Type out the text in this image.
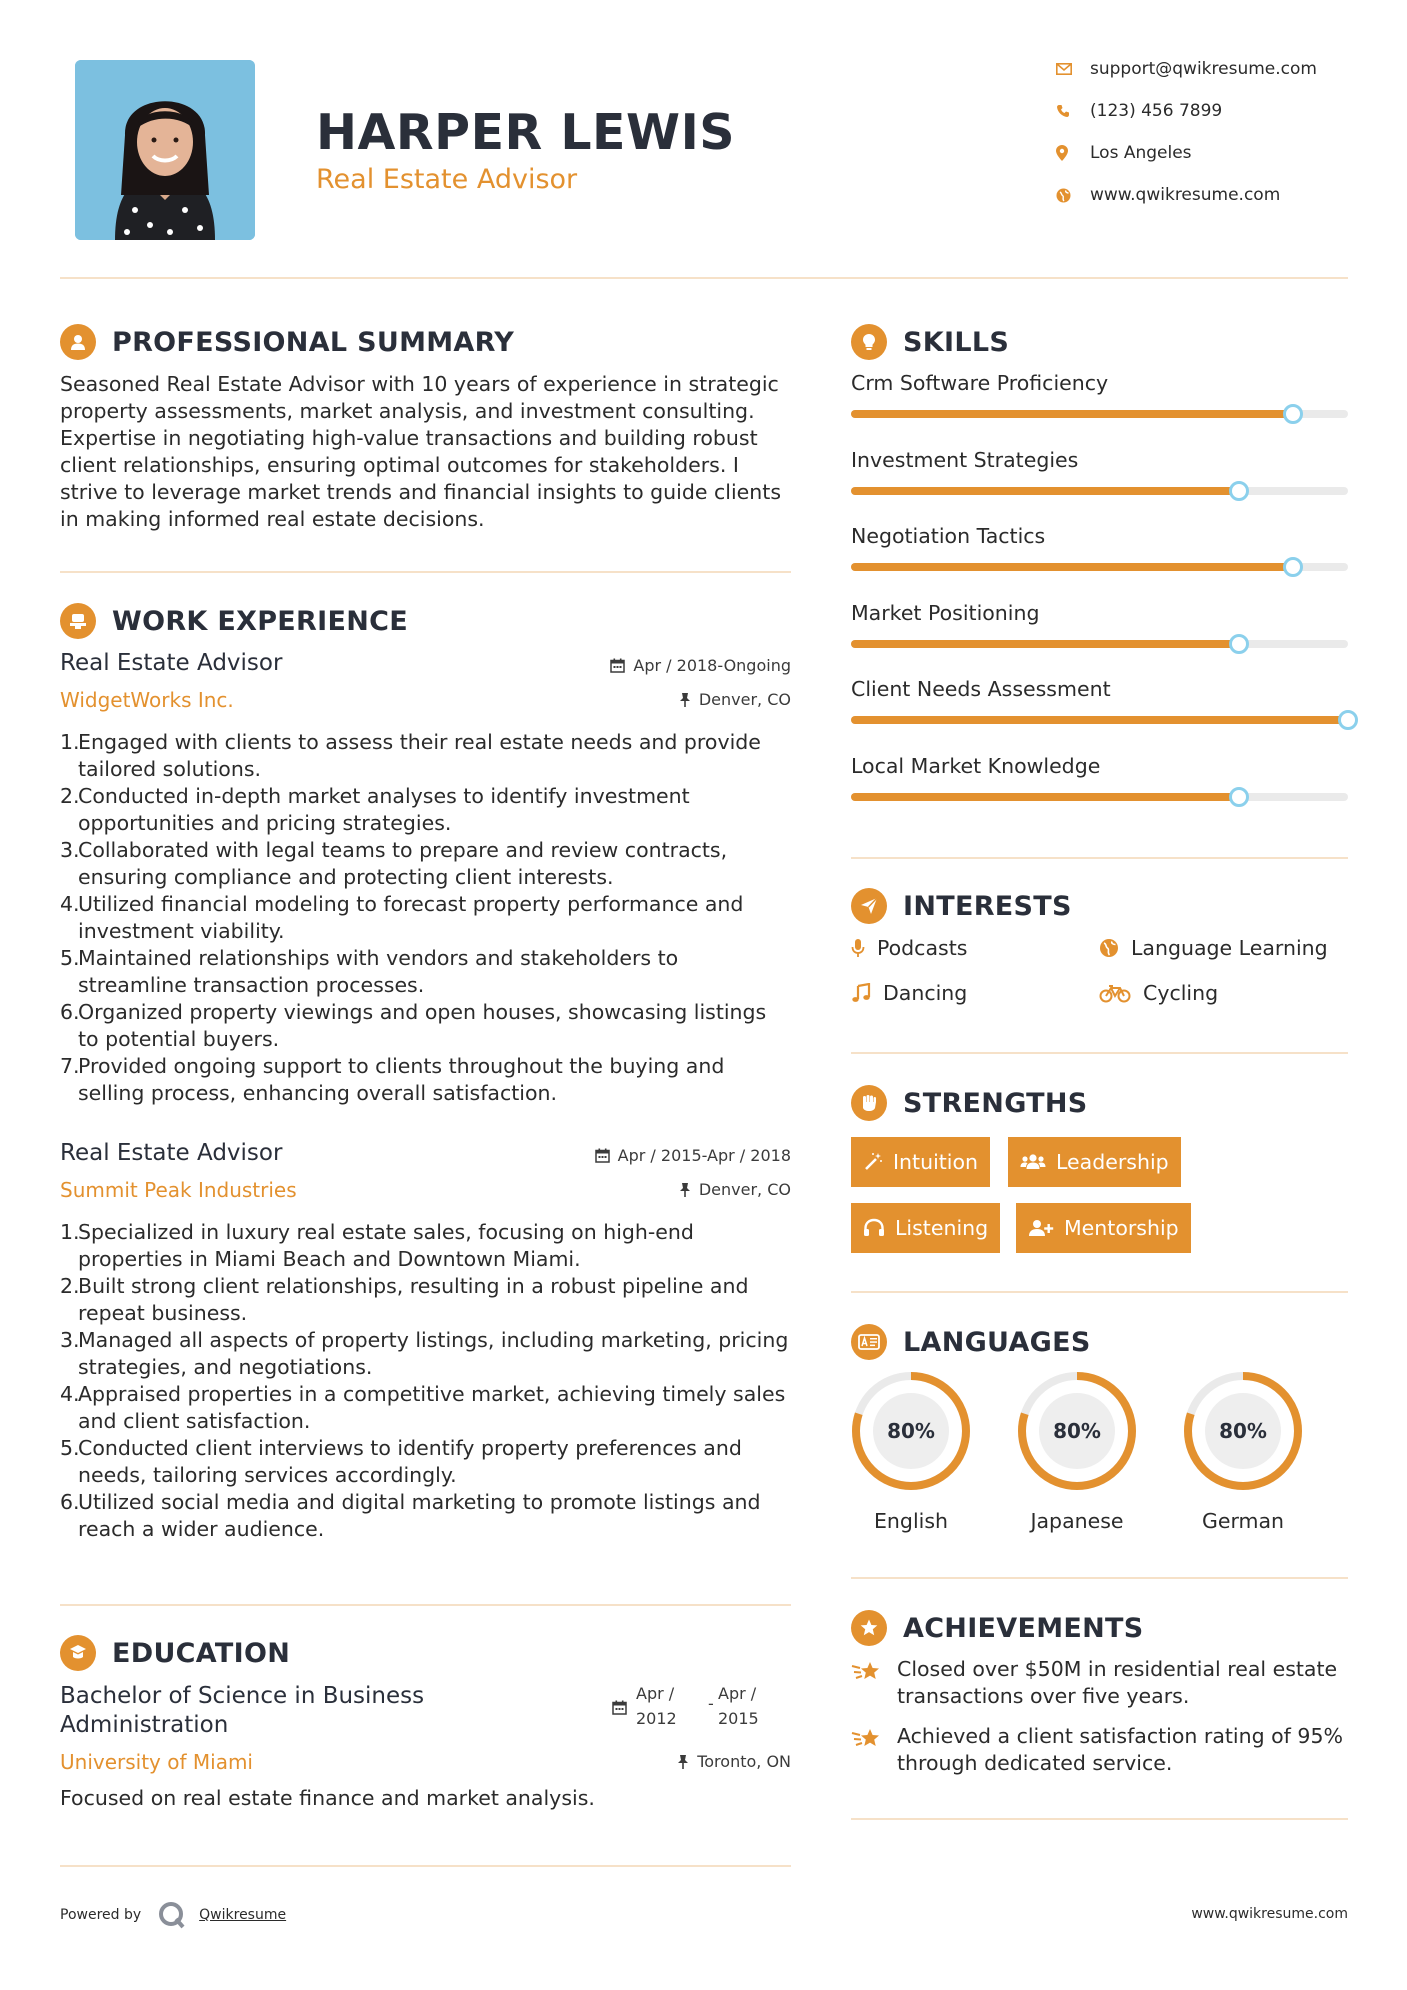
HARPER LEWIS
Real Estate Advisor
support@qwikresume.com
(123) 456 7899
Los Angeles
www.qwikresume.com
PROFESSIONAL SUMMARY
Seasoned Real Estate Advisor with 10 years of experience in strategic property assessments, market analysis, and investment consulting. Expertise in negotiating high-value transactions and building robust client relationships, ensuring optimal outcomes for stakeholders. I strive to leverage market trends and financial insights to guide clients in making informed real estate decisions.
WORK EXPERIENCE
Real Estate Advisor	Apr / 2018-Ongoing
WidgetWorks Inc.	Denver, CO
1.
Engaged with clients to assess their real estate needs and provide tailored solutions.
2.
Conducted in-depth market analyses to identify investment opportunities and pricing strategies.
3.
Collaborated with legal teams to prepare and review contracts, ensuring compliance and protecting client interests.
4.
Utilized financial modeling to forecast property performance and investment viability.
5.
Maintained relationships with vendors and stakeholders to streamline transaction processes.
6.
Organized property viewings and open houses, showcasing listings to potential buyers.
7.
Provided ongoing support to clients throughout the buying and selling process, enhancing overall satisfaction.
Real Estate Advisor	Apr / 2015-Apr / 2018
Summit Peak Industries	Denver, CO
1.
Specialized in luxury real estate sales, focusing on high-end properties in Miami Beach and Downtown Miami.
2.
Built strong client relationships, resulting in a robust pipeline and repeat business.
3.
Managed all aspects of property listings, including marketing, pricing strategies, and negotiations.
4.
Appraised properties in a competitive market, achieving timely sales and client satisfaction.
5.
Conducted client interviews to identify property preferences and needs, tailoring services accordingly.
6.
Utilized social media and digital marketing to promote listings and reach a wider audience.
EDUCATION
Bachelor of Science in Business
Administration
Apr /
2012
-
Apr /
2015
University of Miami	Toronto, ON
Focused on real estate finance and market analysis.
SKILLS
Crm Software Proficiency
Investment Strategies
Negotiation Tactics
Market Positioning
Client Needs Assessment
Local Market Knowledge
INTERESTS
Podcasts	Language Learning
Dancing	Cycling
STRENGTHS
Intuition	Leadership
Listening	Mentorship
LANGUAGES
80%
English
80%
Japanese
80%
German
ACHIEVEMENTS
Closed over $50M in residential real estate transactions over five years.
Achieved a client satisfaction rating of 95% through dedicated service.
Powered by	Qwikresume	www.qwikresume.com
